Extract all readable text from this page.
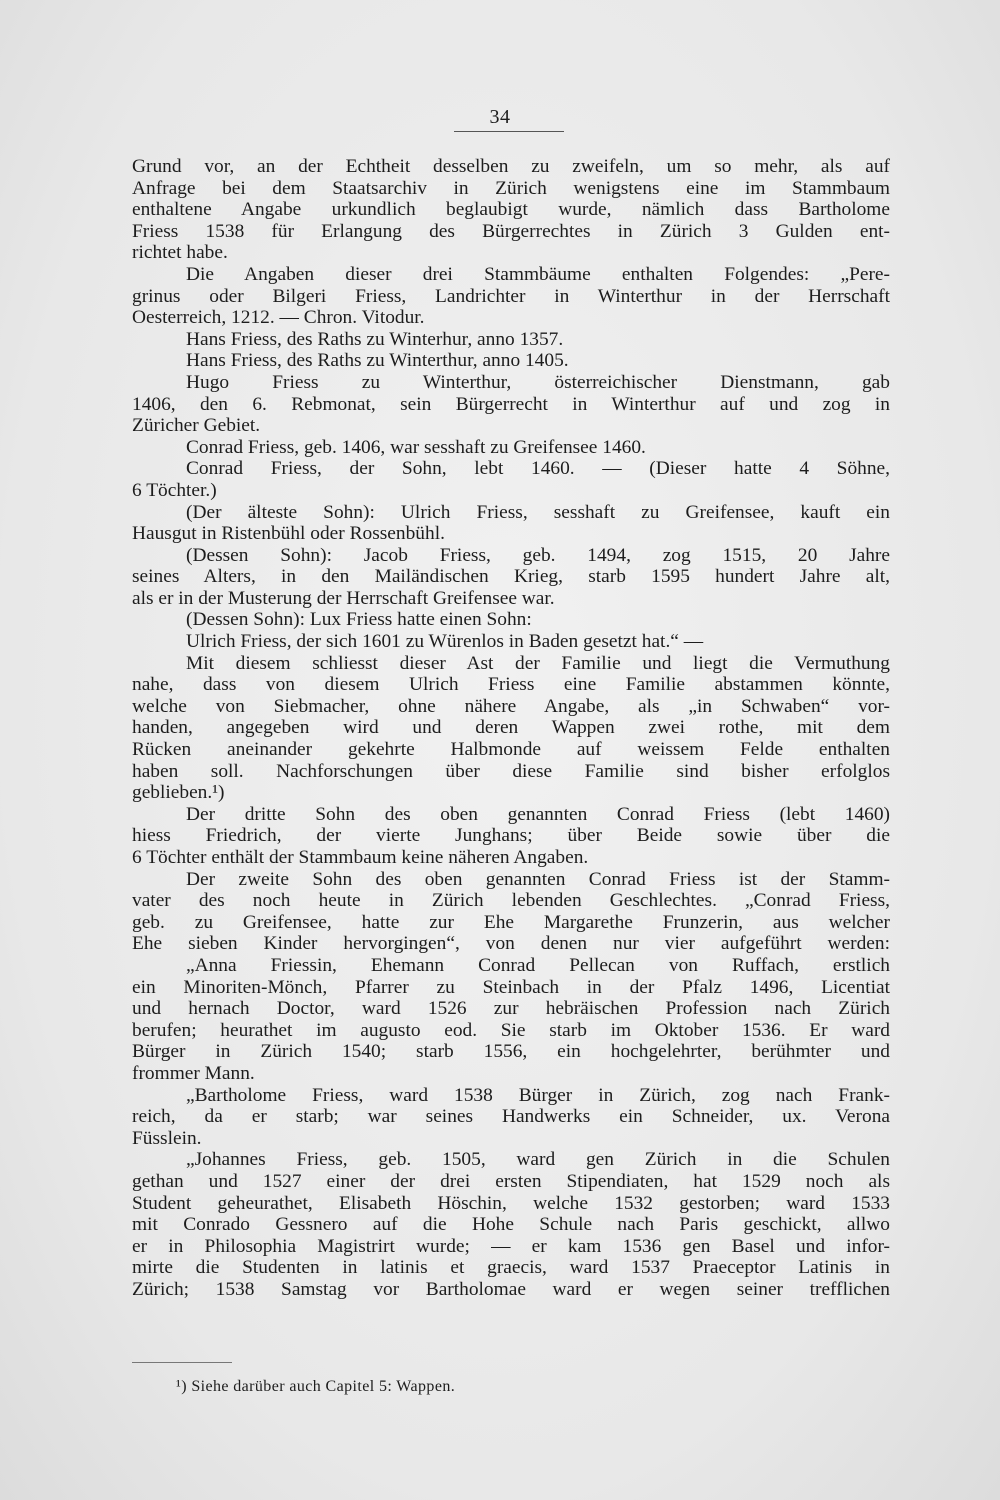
34
Grund vor, an der Echtheit desselben zu zweifeln, um so mehr, als auf
Anfrage bei dem Staatsarchiv in Zürich wenigstens eine im Stammbaum
enthaltene Angabe urkundlich beglaubigt wurde, nämlich dass Bartholome
Friess 1538 für Erlangung des Bürgerrechtes in Zürich 3 Gulden ent-
richtet habe.
Die Angaben dieser drei Stammbäume enthalten Folgendes: „Pere-
grinus oder Bilgeri Friess, Landrichter in Winterthur in der Herrschaft
Oesterreich, 1212. — Chron. Vitodur.
Hans Friess, des Raths zu Winterhur, anno 1357.
Hans Friess, des Raths zu Winterthur, anno 1405.
Hugo Friess zu Winterthur, österreichischer Dienstmann, gab
1406, den 6. Rebmonat, sein Bürgerrecht in Winterthur auf und zog in
Züricher Gebiet.
Conrad Friess, geb. 1406, war sesshaft zu Greifensee 1460.
Conrad Friess, der Sohn, lebt 1460. — (Dieser hatte 4 Söhne,
6 Töchter.)
(Der älteste Sohn): Ulrich Friess, sesshaft zu Greifensee, kauft ein
Hausgut in Ristenbühl oder Rossenbühl.
(Dessen Sohn): Jacob Friess, geb. 1494, zog 1515, 20 Jahre
seines Alters, in den Mailändischen Krieg, starb 1595 hundert Jahre alt,
als er in der Musterung der Herrschaft Greifensee war.
(Dessen Sohn): Lux Friess hatte einen Sohn:
Ulrich Friess, der sich 1601 zu Würenlos in Baden gesetzt hat.“ —
Mit diesem schliesst dieser Ast der Familie und liegt die Vermuthung
nahe, dass von diesem Ulrich Friess eine Familie abstammen könnte,
welche von Siebmacher, ohne nähere Angabe, als „in Schwaben“ vor-
handen, angegeben wird und deren Wappen zwei rothe, mit dem
Rücken aneinander gekehrte Halbmonde auf weissem Felde enthalten
haben soll. Nachforschungen über diese Familie sind bisher erfolglos
geblieben.¹)
Der dritte Sohn des oben genannten Conrad Friess (lebt 1460)
hiess Friedrich, der vierte Junghans; über Beide sowie über die
6 Töchter enthält der Stammbaum keine näheren Angaben.
Der zweite Sohn des oben genannten Conrad Friess ist der Stamm-
vater des noch heute in Zürich lebenden Geschlechtes. „Conrad Friess,
geb. zu Greifensee, hatte zur Ehe Margarethe Frunzerin, aus welcher
Ehe sieben Kinder hervorgingen“, von denen nur vier aufgeführt werden:
„Anna Friessin, Ehemann Conrad Pellecan von Ruffach, erstlich
ein Minoriten-Mönch, Pfarrer zu Steinbach in der Pfalz 1496, Licentiat
und hernach Doctor, ward 1526 zur hebräischen Profession nach Zürich
berufen; heurathet im augusto eod. Sie starb im Oktober 1536. Er ward
Bürger in Zürich 1540; starb 1556, ein hochgelehrter, berühmter und
frommer Mann.
„Bartholome Friess, ward 1538 Bürger in Zürich, zog nach Frank-
reich, da er starb; war seines Handwerks ein Schneider, ux. Verona
Füsslein.
„Johannes Friess, geb. 1505, ward gen Zürich in die Schulen
gethan und 1527 einer der drei ersten Stipendiaten, hat 1529 noch als
Student geheurathet, Elisabeth Höschin, welche 1532 gestorben; ward 1533
mit Conrado Gessnero auf die Hohe Schule nach Paris geschickt, allwo
er in Philosophia Magistrirt wurde; — er kam 1536 gen Basel und infor-
mirte die Studenten in latinis et graecis, ward 1537 Praeceptor Latinis in
Zürich; 1538 Samstag vor Bartholomae ward er wegen seiner trefflichen
¹) Siehe darüber auch Capitel 5: Wappen.
